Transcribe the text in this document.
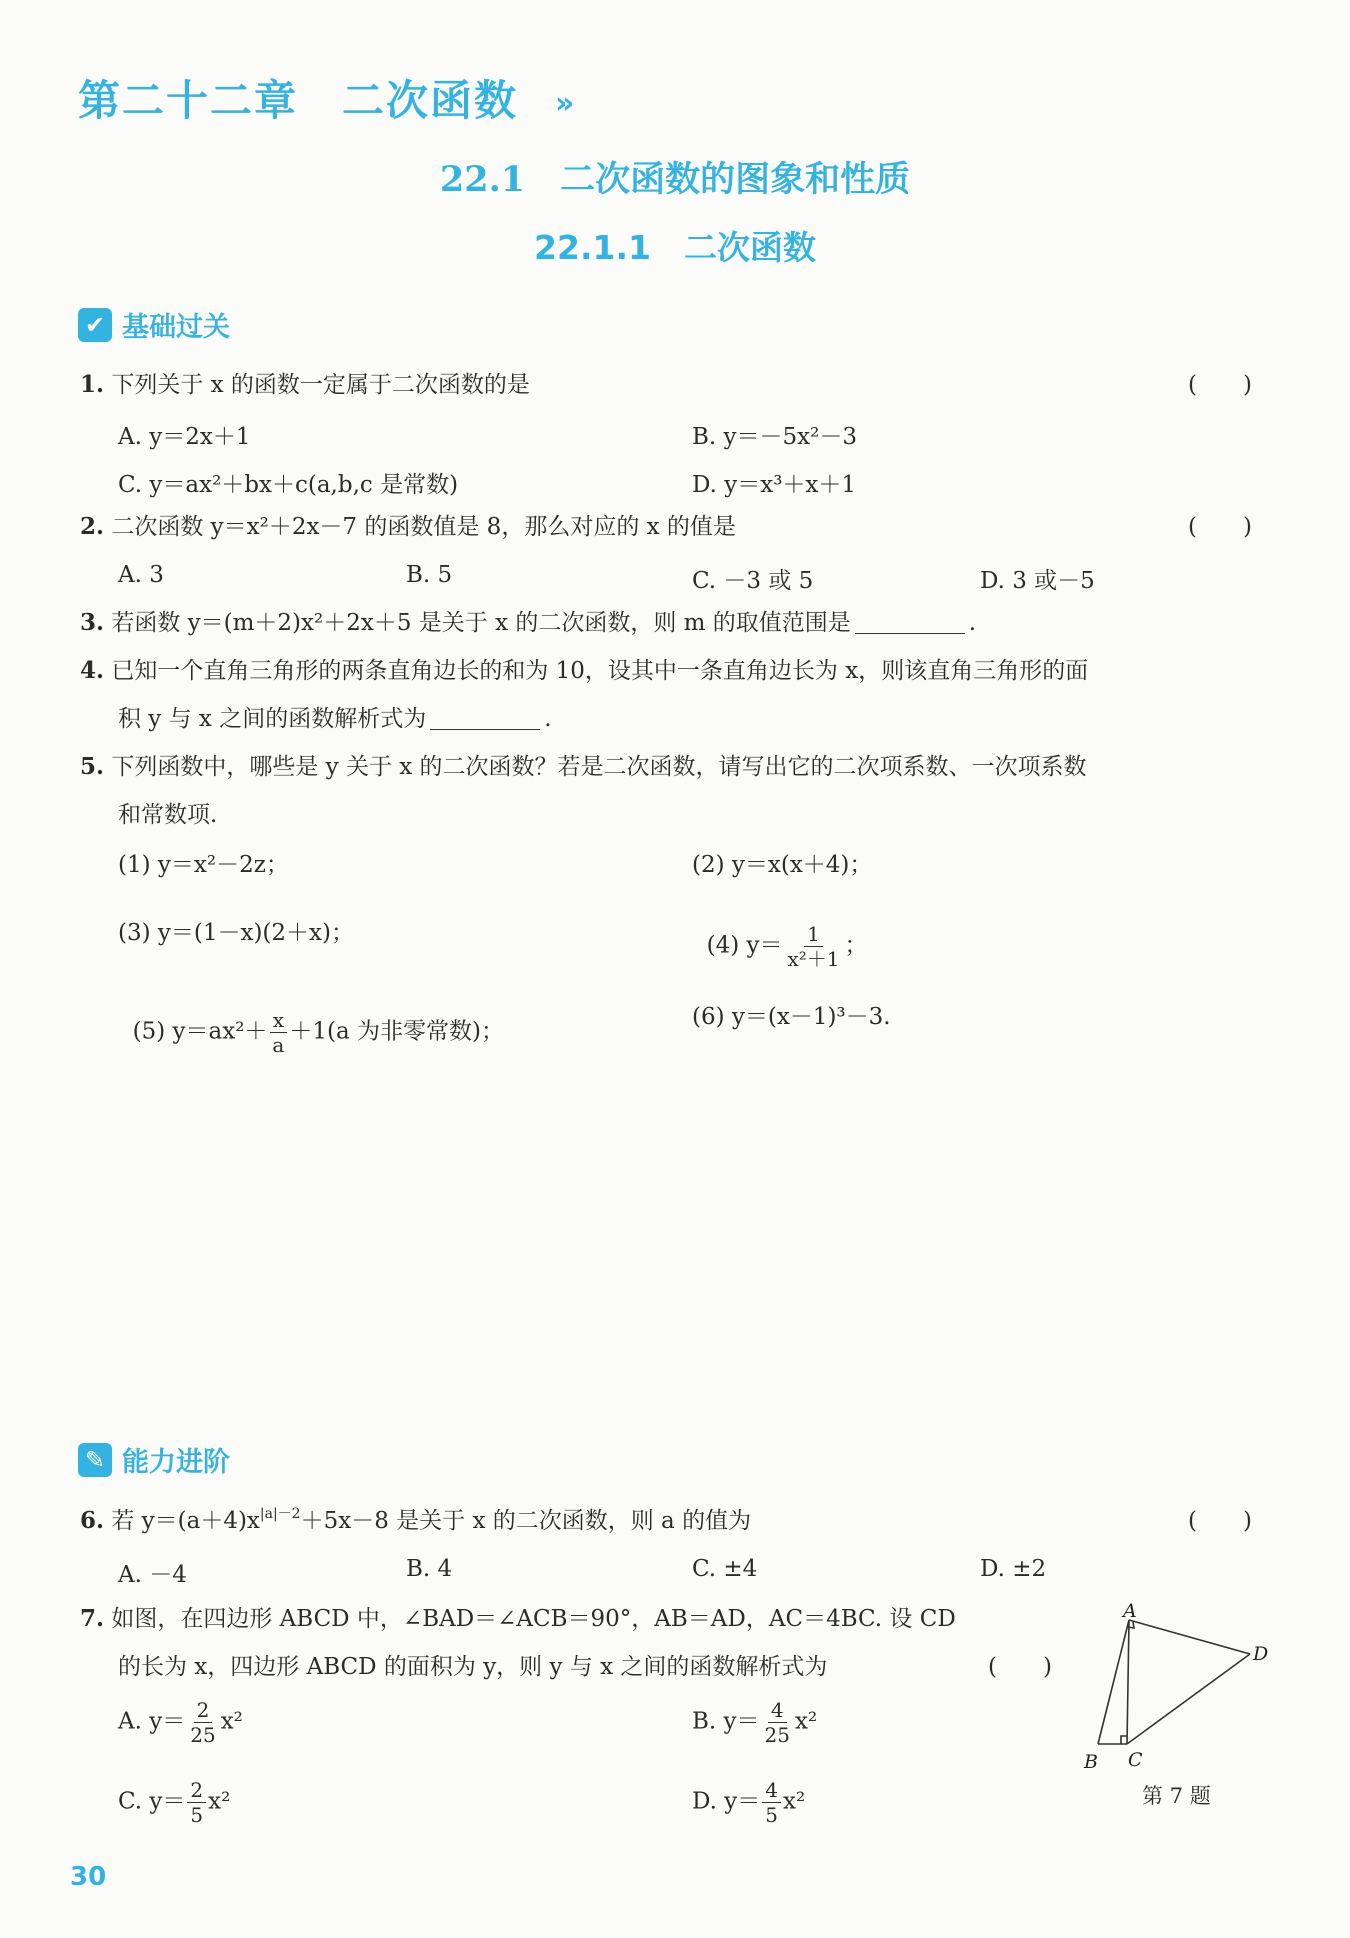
第二十二章　二次函数 »
22.1　二次函数的图象和性质
22.1.1　二次函数
✔ 基础过关
1. 下列关于 x 的函数一定属于二次函数的是	(　　)
A. y＝2x＋1	B. y＝－5x²－3
C. y＝ax²＋bx＋c(a,b,c 是常数)	D. y＝x³＋x＋1
2. 二次函数 y＝x²＋2x－7 的函数值是 8，那么对应的 x 的值是	(　　)
A. 3	B. 5	C. －3 或 5	D. 3 或－5
3. 若函数 y＝(m＋2)x²＋2x＋5 是关于 x 的二次函数，则 m 的取值范围是	.
4. 已知一个直角三角形的两条直角边长的和为 10，设其中一条直角边长为 x，则该直角三角形的面
积 y 与 x 之间的函数解析式为	.
5. 下列函数中，哪些是 y 关于 x 的二次函数？若是二次函数，请写出它的二次项系数、一次项系数
和常数项.
(1) y＝x²－2z；	(2) y＝x(x＋4)；
(3) y＝(1－x)(2＋x)；	(4) $y= \frac{1}{\text{x²＋1}}$ ；

(5) $y=ax^2+ \frac{x}{a} +1(a$ 为非零常数)；

(6) y＝(x－1)³－3.
✎ 能力进阶
6. 若 $y=(a+4)x^{|a|-2}+5x-8$ 是关于 x 的二次函数，则 a 的值为	(　　)
A. －4	B. 4	C. ±4	D. ±2
7. 如图，在四边形 ABCD 中，∠BAD＝∠ACB＝90°，AB＝AD，AC＝4BC. 设 CD
的长为 x，四边形 ABCD 的面积为 y，则 y 与 x 之间的函数解析式为	(　　)
A. $y= \frac{2}{25} x^2$	B. $y= \frac{4}{25} x^2$
C. $y= \frac{2}{5} x^2$	D. $y= \frac{4}{5} x^2$
A
B C
D
第 7 题
30
